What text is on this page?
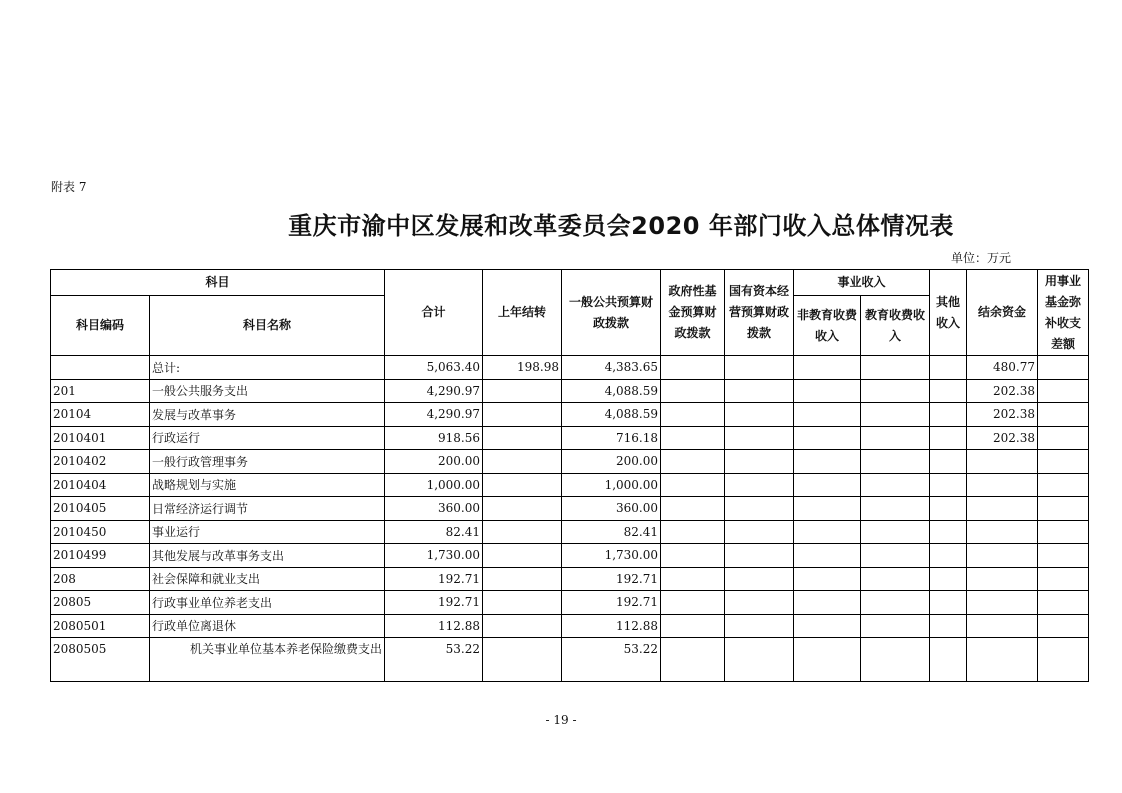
附表 7
重庆市渝中区发展和改革委员会2020 年部门收入总体情况表
单位：万元
科目		合计	上年结转	一般公共预算财政拨款	政府性基金预算财政拨款	国有资本经营预算财政拨款	事业收入		其他收入	结余资金	用事业基金弥补收支差额
科目编码	科目名称						非教育收费收入	教育收费收入			
	总计:	5,063.40	198.98	4,383.65						480.77	
201	一般公共服务支出	4,290.97		4,088.59						202.38	
20104	发展与改革事务	4,290.97		4,088.59						202.38	
2010401	行政运行	918.56		716.18						202.38	
2010402	一般行政管理事务	200.00		200.00							
2010404	战略规划与实施	1,000.00		1,000.00							
2010405	日常经济运行调节	360.00		360.00							
2010450	事业运行	82.41		82.41							
2010499	其他发展与改革事务支出	1,730.00		1,730.00							
208	社会保障和就业支出	192.71		192.71							
20805	行政事业单位养老支出	192.71		192.71							
2080501	行政单位离退休	112.88		112.88							
2080505	机关事业单位基本养老保险缴费支出	53.22		53.22							
- 19 -
